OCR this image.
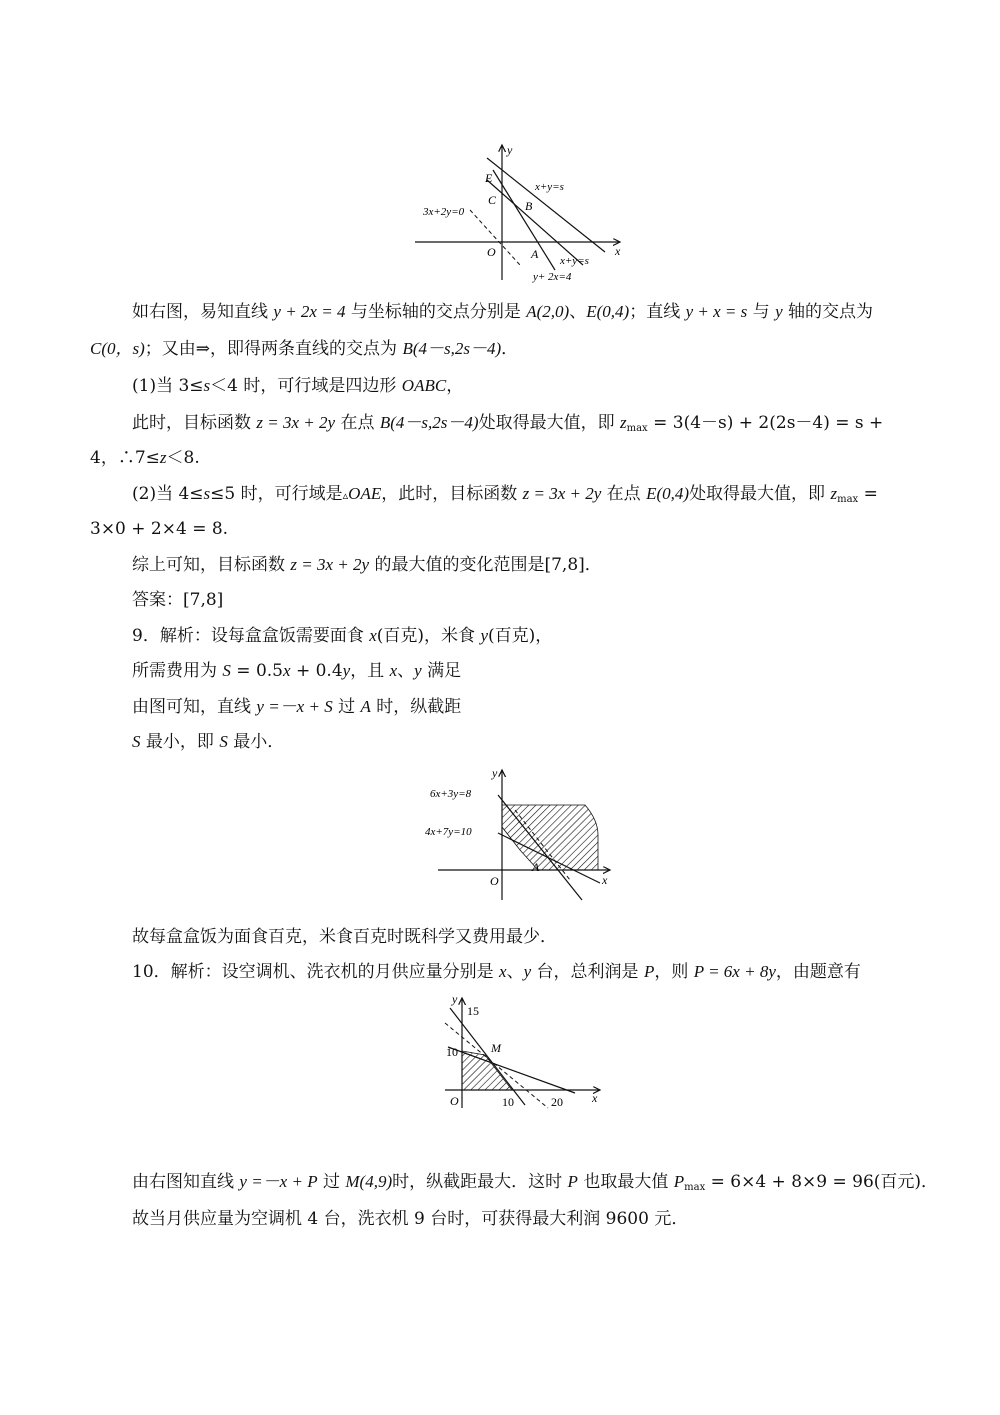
y
x
E
C B
O	A
3x+2y=0
x+y=s
x+y=s
y+ 2x=4
如右图，易知直线 y + 2x = 4 与坐标轴的交点分别是 A(2,0)、E(0,4)；直线 y + x = s 与 y 轴的交点为
C(0，s)；又由⇒，即得两条直线的交点为 B(4－s,2s－4)．
(1)当 3≤s＜4 时，可行域是四边形 OABC，
此时，目标函数 z = 3x + 2y 在点 B(4－s,2s－4)处取得最大值，即 $z_{max} = 3(4-s) + 2(2s-4) = s$ +
4，∴7≤z＜8.
(2)当 4≤s≤5 时，可行域是▵OAE，此时，目标函数 z = 3x + 2y 在点 E(0,4)处取得最大值，即 $z_{max}$ =
3×0 + 2×4 = 8.
综上可知，目标函数 z = 3x + 2y 的最大值的变化范围是[7,8]．
答案：[7,8]
9．解析：设每盒盒饭需要面食 x(百克)，米食 y(百克)，
所需费用为 S = 0.5x + 0.4y，且 x、y 满足
由图可知，直线 y =－x + S 过 A 时，纵截距
S 最小，即 S 最小．
y
x
O
A
6x+3y=8
4x+7y=10
故每盒盒饭为面食百克，米食百克时既科学又费用最少．
10．解析：设空调机、洗衣机的月供应量分别是 x、y 台，总利润是 P，则 P = 6x + 8y，由题意有
y
x
O
M
15
10
10	20
由右图知直线 y =－x + P 过 M(4,9)时，纵截距最大．这时 P 也取最大值 $P_{max} = 6\times 4 + 8\times 9 = 96$(百元)．
故当月供应量为空调机 4 台，洗衣机 9 台时，可获得最大利润 9600 元．
